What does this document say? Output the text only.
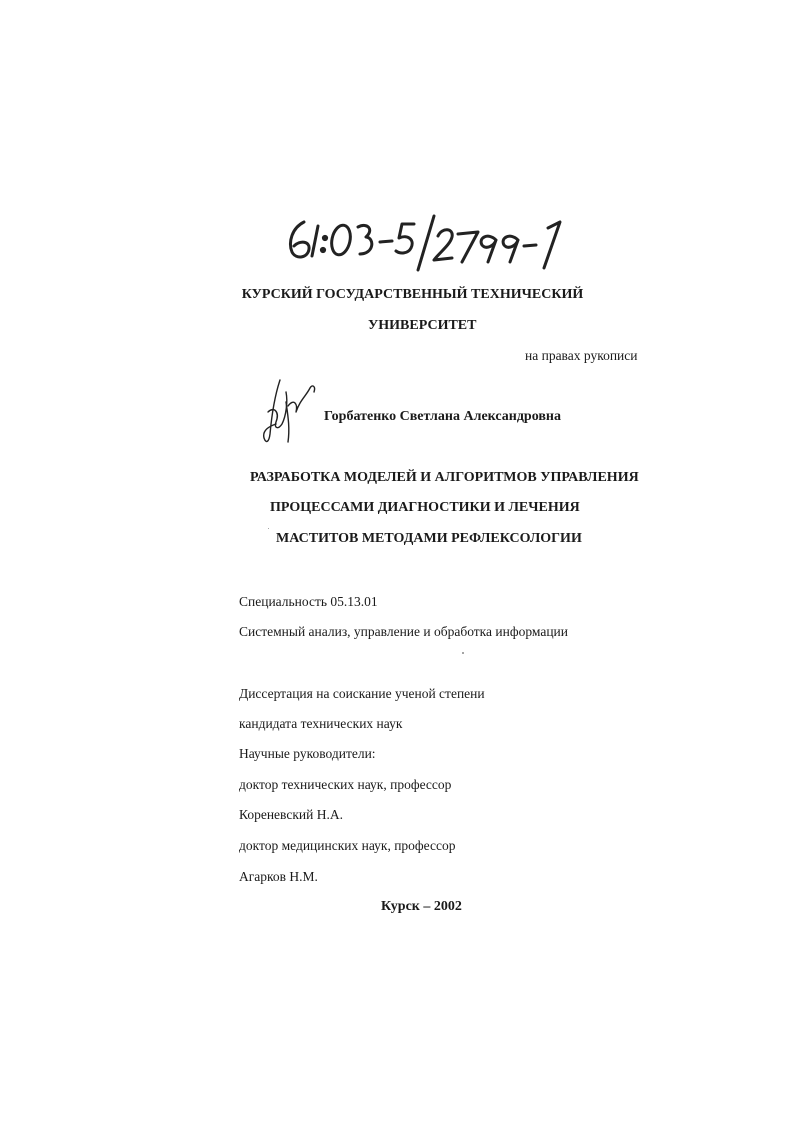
КУРСКИЙ ГОСУДАРСТВЕННЫЙ ТЕХНИЧЕСКИЙ
УНИВЕРСИТЕТ
на правах рукописи
Горбатенко Светлана Александровна
РАЗРАБОТКА МОДЕЛЕЙ И АЛГОРИТМОВ УПРАВЛЕНИЯ
ПРОЦЕССАМИ ДИАГНОСТИКИ И ЛЕЧЕНИЯ
МАСТИТОВ МЕТОДАМИ РЕФЛЕКСОЛОГИИ
Специальность 05.13.01
Системный анализ, управление и обработка информации
Диссертация на соискание ученой степени
кандидата технических наук
Научные руководители:
доктор технических наук, профессор
Кореневский Н.А.
доктор медицинских наук, профессор
Агарков Н.М.
Курск – 2002
